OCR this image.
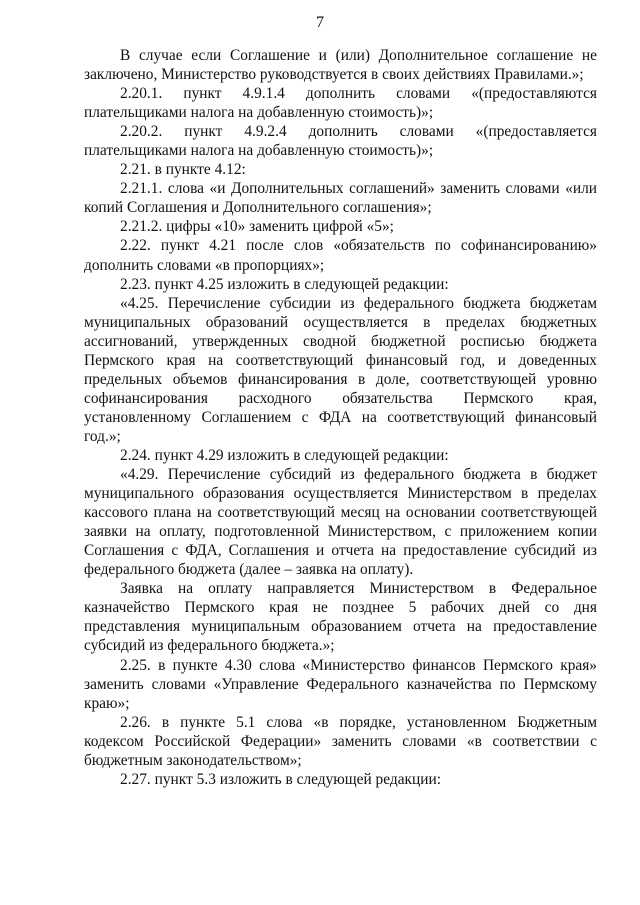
7

В случае если Соглашение и (или) Дополнительное соглашение не заключено, Министерство руководствуется в своих действиях Правилами.»;

2.20.1. пункт 4.9.1.4 дополнить словами «(предоставляются плательщиками налога на добавленную стоимость)»;

2.20.2. пункт 4.9.2.4 дополнить словами «(предоставляется плательщиками налога на добавленную стоимость)»;

2.21. в пункте 4.12:

2.21.1. слова «и Дополнительных соглашений» заменить словами «или копий Соглашения и Дополнительного соглашения»;

2.21.2. цифры «10» заменить цифрой «5»;

2.22. пункт 4.21 после слов «обязательств по софинансированию» дополнить словами «в пропорциях»;

2.23. пункт 4.25 изложить в следующей редакции:

«4.25. Перечисление субсидии из федерального бюджета бюджетам муниципальных образований осуществляется в пределах бюджетных ассигнований, утвержденных сводной бюджетной росписью бюджета Пермского края на соответствующий финансовый год, и доведенных предельных объемов финансирования в доле, соответствующей уровню софинансирования расходного обязательства Пермского края, установленному Соглашением с ФДА на соответствующий финансовый год.»;

2.24. пункт 4.29 изложить в следующей редакции:

«4.29. Перечисление субсидий из федерального бюджета в бюджет муниципального образования осуществляется Министерством в пределах кассового плана на соответствующий месяц на основании соответствующей заявки на оплату, подготовленной Министерством, с приложением копии Соглашения с ФДА, Соглашения и отчета на предоставление субсидий из федерального бюджета (далее – заявка на оплату).

Заявка на оплату направляется Министерством в Федеральное казначейство Пермского края не позднее 5 рабочих дней со дня представления муниципальным образованием отчета на предоставление субсидий из федерального бюджета.»;

2.25. в пункте 4.30 слова «Министерство финансов Пермского края» заменить словами «Управление Федерального казначейства по Пермскому краю»;

2.26. в пункте 5.1 слова «в порядке, установленном Бюджетным кодексом Российской Федерации» заменить словами «в соответствии с бюджетным законодательством»;

2.27. пункт 5.3 изложить в следующей редакции:
